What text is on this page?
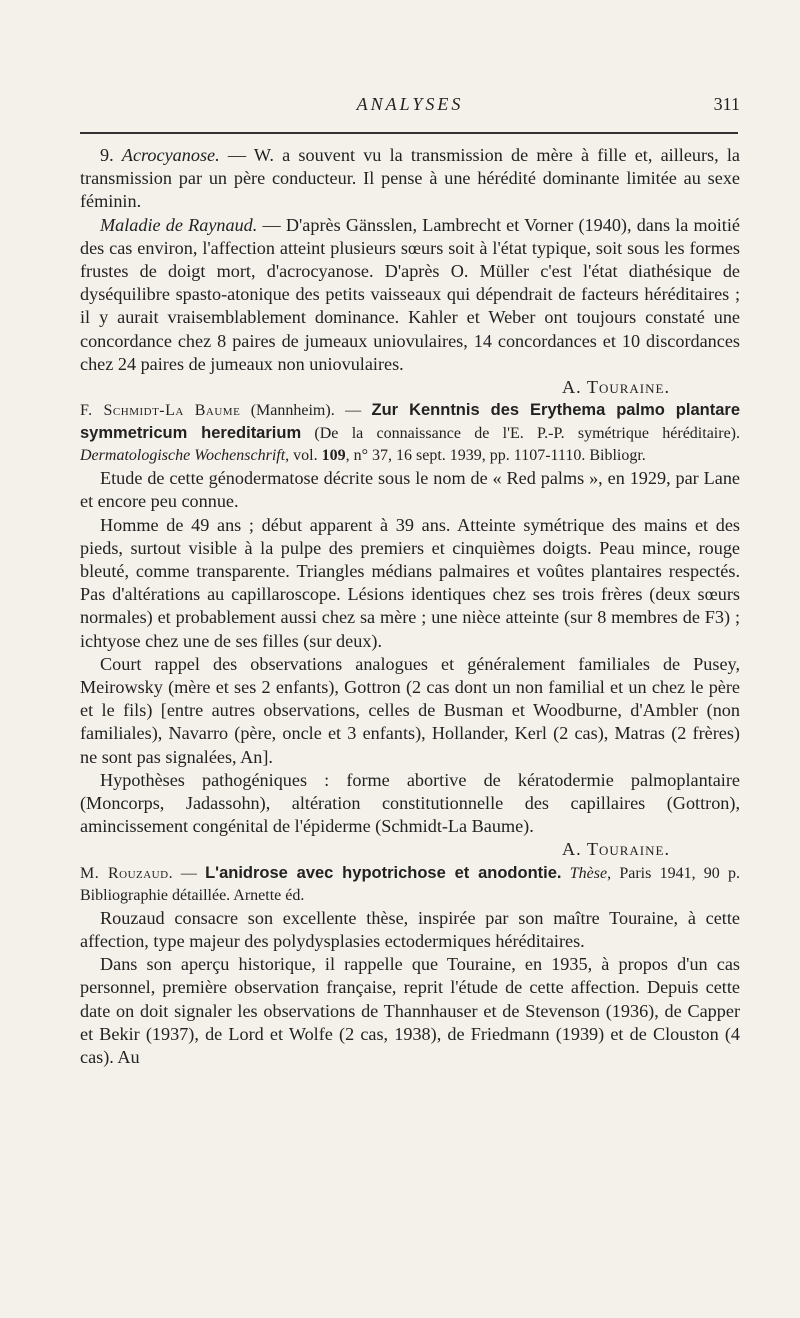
ANALYSES	311

9. Acrocyanose. — W. a souvent vu la transmission de mère à fille et, ailleurs, la transmission par un père conducteur. Il pense à une hérédité dominante limitée au sexe féminin.

Maladie de Raynaud. — D'après Gänsslen, Lambrecht et Vorner (1940), dans la moitié des cas environ, l'affection atteint plusieurs sœurs soit à l'état typique, soit sous les formes frustes de doigt mort, d'acrocyanose. D'après O. Müller c'est l'état diathésique de dyséquilibre spasto-atonique des petits vaisseaux qui dépendrait de facteurs héréditaires ; il y aurait vraisemblablement dominance. Kahler et Weber ont toujours constaté une concordance chez 8 paires de jumeaux uniovulaires, 14 concordances et 10 discordances chez 24 paires de jumeaux non uniovulaires.

A. Touraine.

F. Schmidt-La Baume (Mannheim). — Zur Kenntnis des Erythema palmo plantare symmetricum hereditarium (De la connaissance de l'E. P.-P. symétrique héréditaire). Dermatologische Wochenschrift, vol. 109, n° 37, 16 sept. 1939, pp. 1107-1110. Bibliogr.

Etude de cette génodermatose décrite sous le nom de « Red palms », en 1929, par Lane et encore peu connue.

Homme de 49 ans ; début apparent à 39 ans. Atteinte symétrique des mains et des pieds, surtout visible à la pulpe des premiers et cinquièmes doigts. Peau mince, rouge bleuté, comme transparente. Triangles médians palmaires et voûtes plantaires respectés. Pas d'altérations au capillaroscope. Lésions identiques chez ses trois frères (deux sœurs normales) et probablement aussi chez sa mère ; une nièce atteinte (sur 8 membres de F3) ; ichtyose chez une de ses filles (sur deux).

Court rappel des observations analogues et généralement familiales de Pusey, Meirowsky (mère et ses 2 enfants), Gottron (2 cas dont un non familial et un chez le père et le fils) [entre autres observations, celles de Busman et Woodburne, d'Ambler (non familiales), Navarro (père, oncle et 3 enfants), Hollander, Kerl (2 cas), Matras (2 frères) ne sont pas signalées, An].

Hypothèses pathogéniques : forme abortive de kératodermie palmoplantaire (Moncorps, Jadassohn), altération constitutionnelle des capillaires (Gottron), amincissement congénital de l'épiderme (Schmidt-La Baume).

A. Touraine.

M. Rouzaud. — L'anidrose avec hypotrichose et anodontie. Thèse, Paris 1941, 90 p. Bibliographie détaillée. Arnette éd.

Rouzaud consacre son excellente thèse, inspirée par son maître Touraine, à cette affection, type majeur des polydysplasies ectodermiques héréditaires.

Dans son aperçu historique, il rappelle que Touraine, en 1935, à propos d'un cas personnel, première observation française, reprit l'étude de cette affection. Depuis cette date on doit signaler les observations de Thannhauser et de Stevenson (1936), de Capper et Bekir (1937), de Lord et Wolfe (2 cas, 1938), de Friedmann (1939) et de Clouston (4 cas). Au
